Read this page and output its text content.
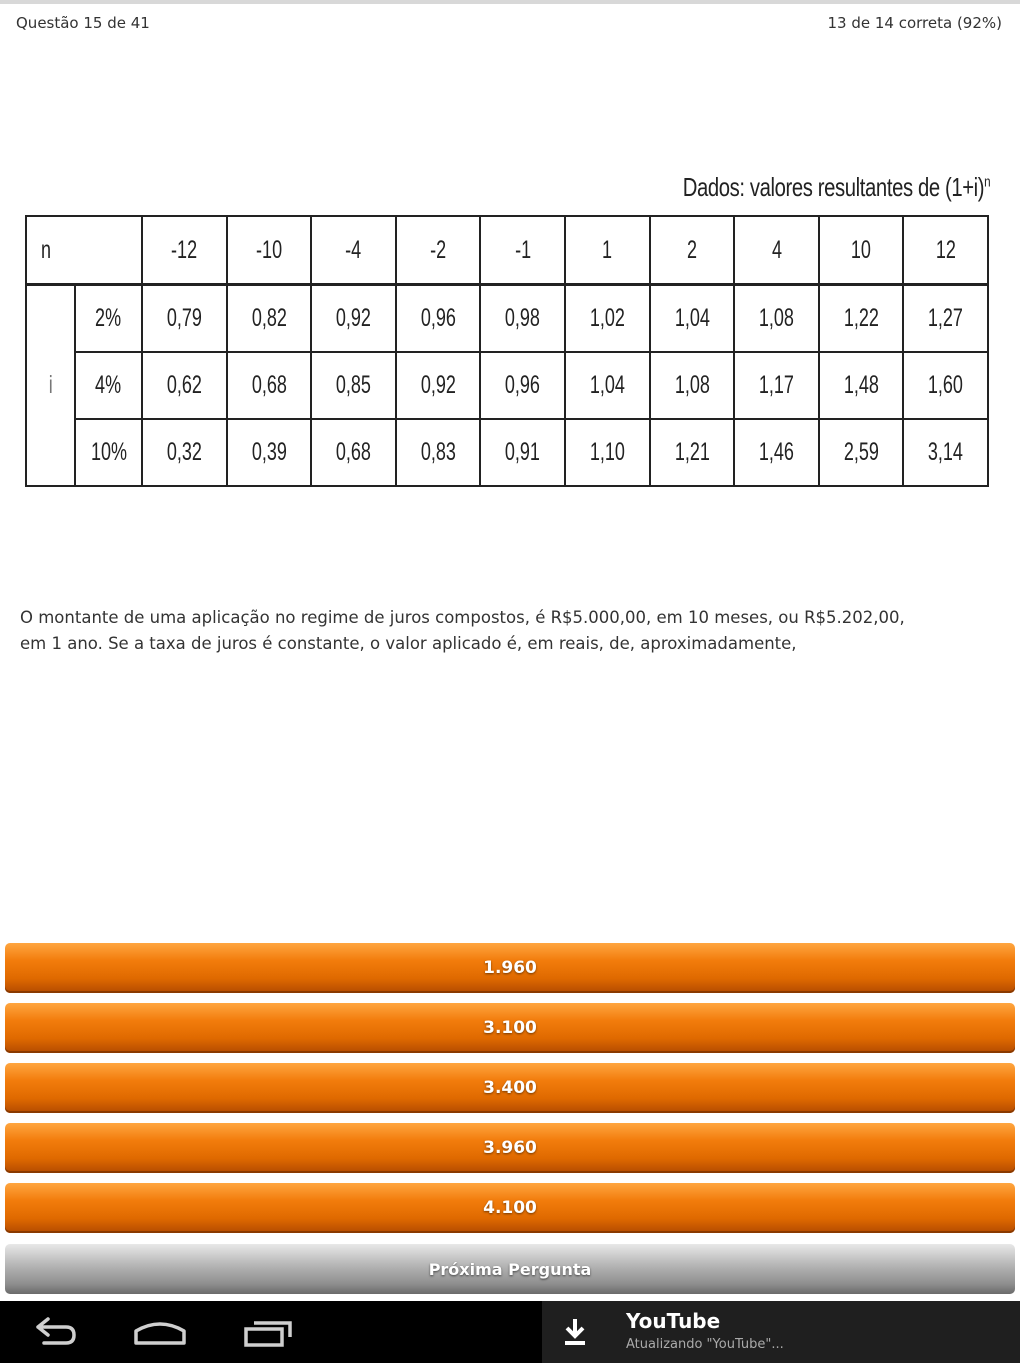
Questão 15 de 41	13 de 14 correta (92%)
Dados: valores resultantes de $(1+i)^n$
n		-12	-10	-4	-2	-1	1	2	4	10	12
i	2%	0,79	0,82	0,92	0,96	0,98	1,02	1,04	1,08	1,22	1,27
	4%	0,62	0,68	0,85	0,92	0,96	1,04	1,08	1,17	1,48	1,60
	10%	0,32	0,39	0,68	0,83	0,91	1,10	1,21	1,46	2,59	3,14
O montante de uma aplicação no regime de juros compostos, é R$5.000,00, em 10 meses, ou R$5.202,00, em 1 ano. Se a taxa de juros é constante, o valor aplicado é, em reais, de, aproximadamente,
1.960
3.100
3.400
3.960
4.100
Próxima Pergunta
YouTube
Atualizando "YouTube"...
